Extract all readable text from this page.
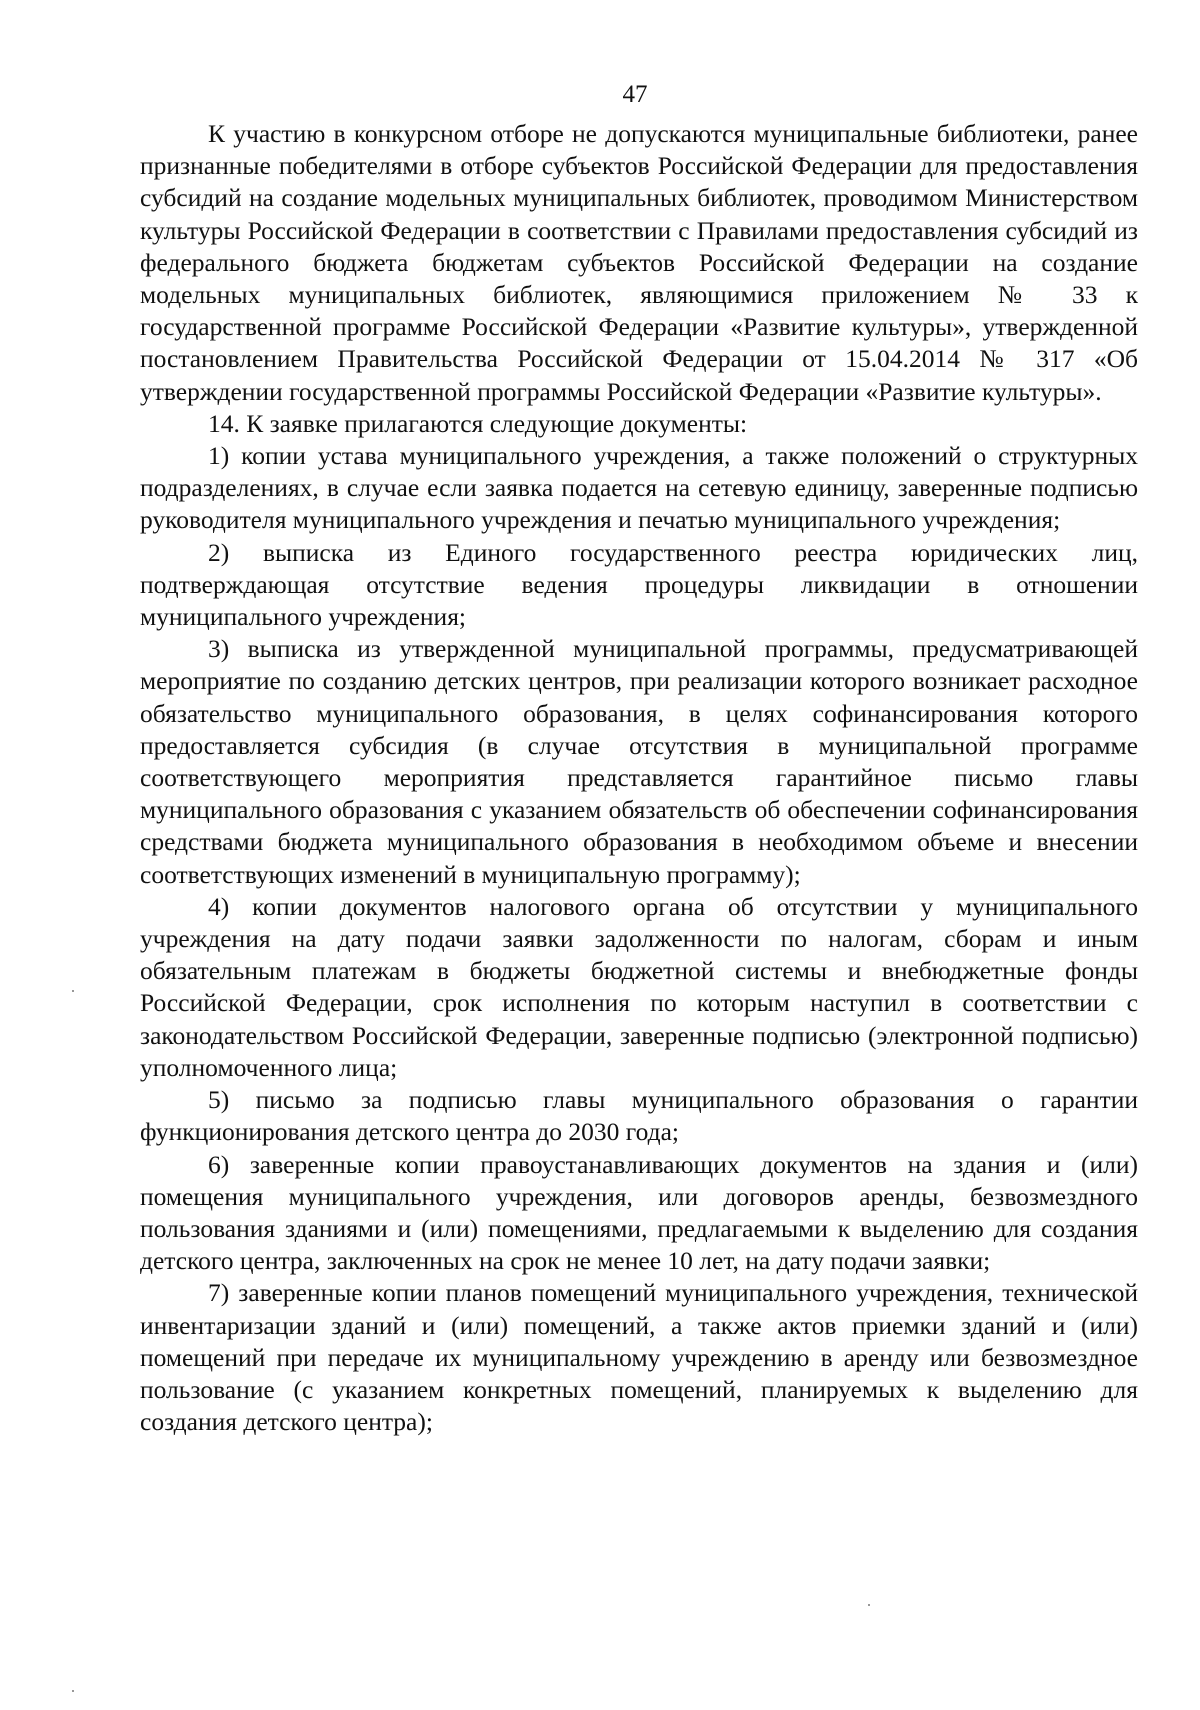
47

К участию в конкурсном отборе не допускаются муниципальные библиотеки, ранее признанные победителями в отборе субъектов Российской Федерации для предоставления субсидий на создание модельных муниципальных библиотек, проводимом Министерством культуры Российской Федерации в соответствии с Правилами предоставления субсидий из федерального бюджета бюджетам субъектов Российской Федерации на создание модельных муниципальных библиотек, являющимися приложением № 33 к государственной программе Российской Федерации «Развитие культуры», утвержденной постановлением Правительства Российской Федерации от 15.04.2014 № 317 «Об утверждении государственной программы Российской Федерации «Развитие культуры».

14. К заявке прилагаются следующие документы:

1) копии устава муниципального учреждения, а также положений о структурных подразделениях, в случае если заявка подается на сетевую единицу, заверенные подписью руководителя муниципального учреждения и печатью муниципального учреждения;

2) выписка из Единого государственного реестра юридических лиц, подтверждающая отсутствие ведения процедуры ликвидации в отношении муниципального учреждения;

3) выписка из утвержденной муниципальной программы, предусматривающей мероприятие по созданию детских центров, при реализации которого возникает расходное обязательство муниципального образования, в целях софинансирования которого предоставляется субсидия (в случае отсутствия в муниципальной программе соответствующего мероприятия представляется гарантийное письмо главы муниципального образования с указанием обязательств об обеспечении софинансирования средствами бюджета муниципального образования в необходимом объеме и внесении соответствующих изменений в муниципальную программу);

4) копии документов налогового органа об отсутствии у муниципального учреждения на дату подачи заявки задолженности по налогам, сборам и иным обязательным платежам в бюджеты бюджетной системы и внебюджетные фонды Российской Федерации, срок исполнения по которым наступил в соответствии с законодательством Российской Федерации, заверенные подписью (электронной подписью) уполномоченного лица;

5) письмо за подписью главы муниципального образования о гарантии функционирования детского центра до 2030 года;

6) заверенные копии правоустанавливающих документов на здания и (или) помещения муниципального учреждения, или договоров аренды, безвозмездного пользования зданиями и (или) помещениями, предлагаемыми к выделению для создания детского центра, заключенных на срок не менее 10 лет, на дату подачи заявки;

7) заверенные копии планов помещений муниципального учреждения, технической инвентаризации зданий и (или) помещений, а также актов приемки зданий и (или) помещений при передаче их муниципальному учреждению в аренду или безвозмездное пользование (с указанием конкретных помещений, планируемых к выделению для создания детского центра);
